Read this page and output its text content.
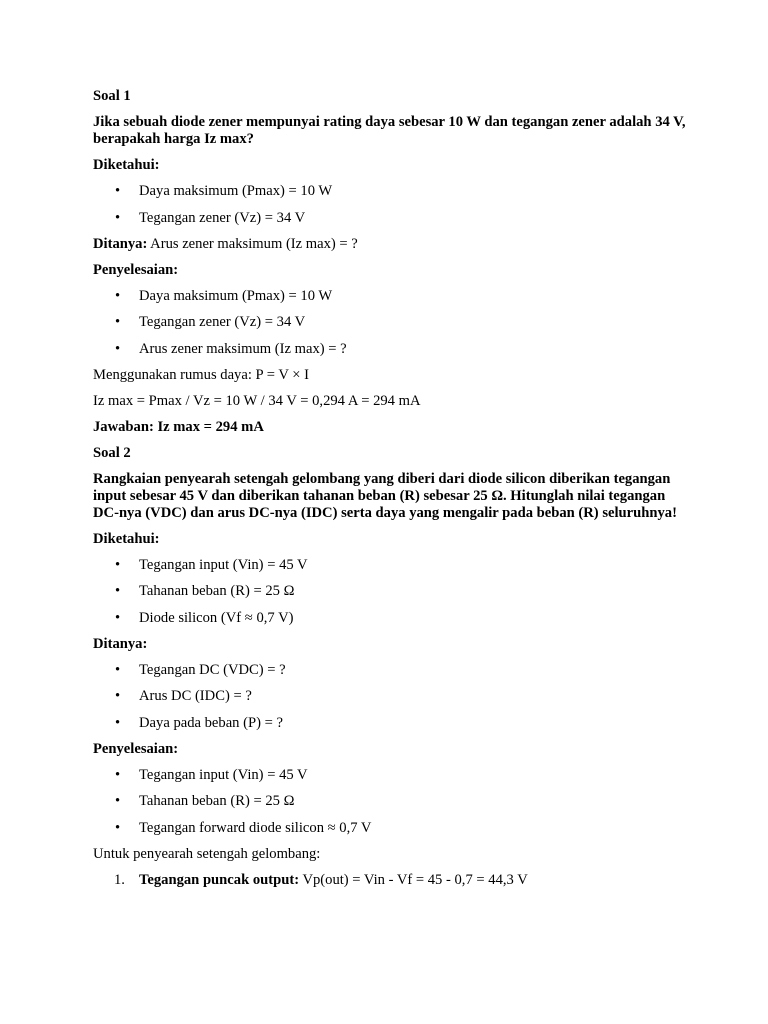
Soal 1

Jika sebuah diode zener mempunyai rating daya sebesar 10 W dan tegangan zener adalah 34 V, berapakah harga Iz max?

Diketahui:

• Daya maksimum (Pmax) = 10 W
• Tegangan zener (Vz) = 34 V

Ditanya: Arus zener maksimum (Iz max) = ?

Penyelesaian:

• Daya maksimum (Pmax) = 10 W
• Tegangan zener (Vz) = 34 V
• Arus zener maksimum (Iz max) = ?

Menggunakan rumus daya: P = V × I

Iz max = Pmax / Vz = 10 W / 34 V = 0,294 A = 294 mA

Jawaban: Iz max = 294 mA

Soal 2

Rangkaian penyearah setengah gelombang yang diberi dari diode silicon diberikan tegangan input sebesar 45 V dan diberikan tahanan beban (R) sebesar 25 Ω. Hitunglah nilai tegangan DC-nya (VDC) dan arus DC-nya (IDC) serta daya yang mengalir pada beban (R) seluruhnya!

Diketahui:

• Tegangan input (Vin) = 45 V
• Tahanan beban (R) = 25 Ω
• Diode silicon (Vf ≈ 0,7 V)

Ditanya:

• Tegangan DC (VDC) = ?
• Arus DC (IDC) = ?
• Daya pada beban (P) = ?

Penyelesaian:

• Tegangan input (Vin) = 45 V
• Tahanan beban (R) = 25 Ω
• Tegangan forward diode silicon ≈ 0,7 V

Untuk penyearah setengah gelombang:

1. Tegangan puncak output: Vp(out) = Vin - Vf = 45 - 0,7 = 44,3 V
